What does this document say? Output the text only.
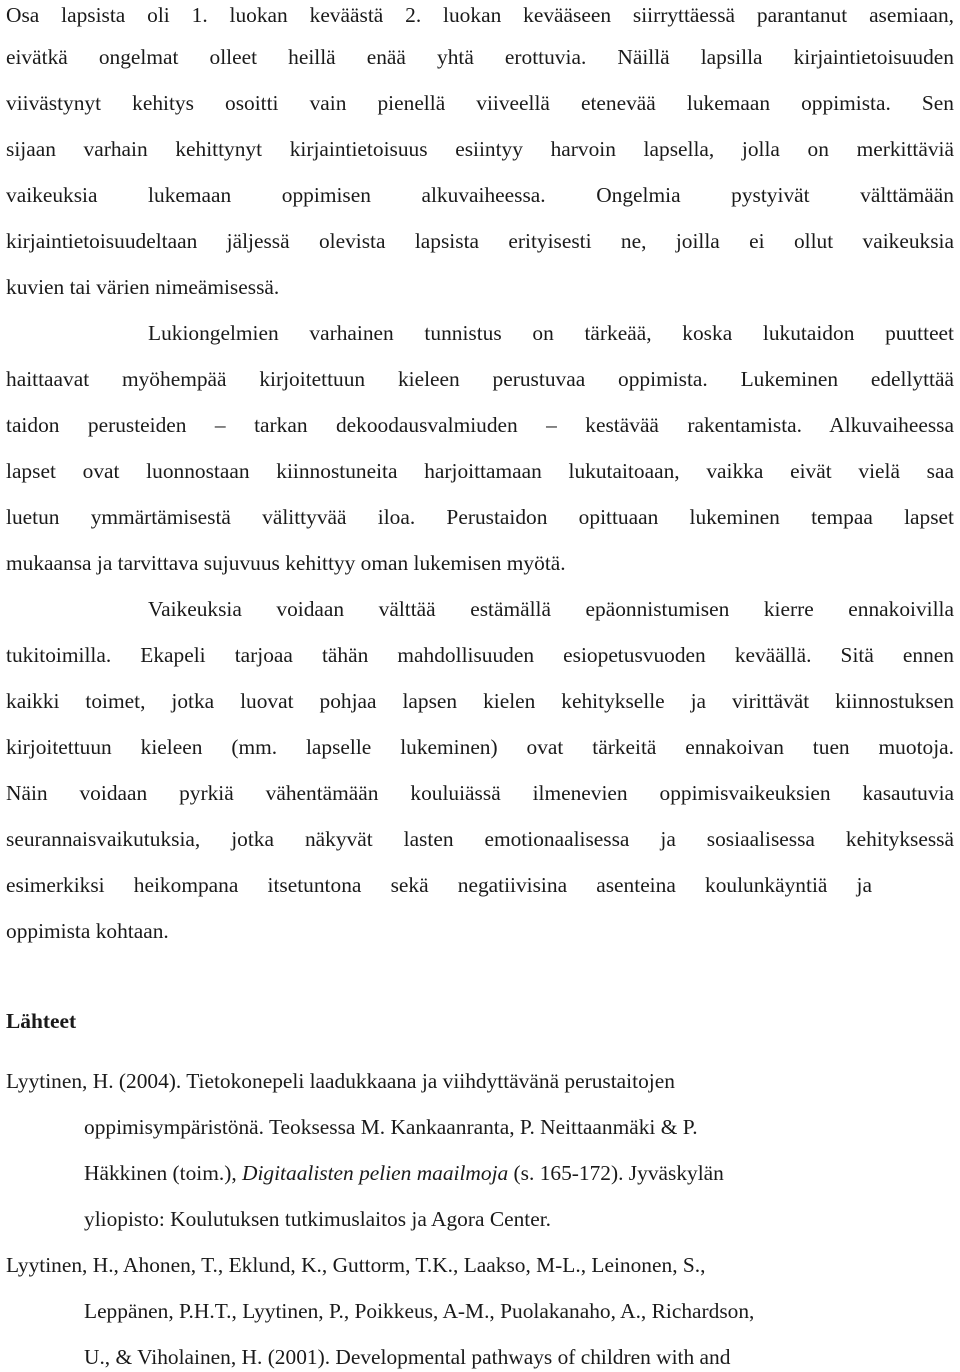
Osa lapsista oli 1. luokan keväästä 2. luokan kevääseen siirryttäessä parantanut asemiaan,
eivätkä ongelmat olleet heillä enää yhtä erottuvia. Näillä lapsilla kirjaintietoisuuden
viivästynyt kehitys osoitti vain pienellä viiveellä etenevää lukemaan oppimista. Sen
sijaan varhain kehittynyt kirjaintietoisuus esiintyy harvoin lapsella, jolla on merkittäviä
vaikeuksia lukemaan oppimisen alkuvaiheessa. Ongelmia pystyivät välttämään
kirjaintietoisuudeltaan jäljessä olevista lapsista erityisesti ne, joilla ei ollut vaikeuksia
kuvien tai värien nimeämisessä.
Lukiongelmien varhainen tunnistus on tärkeää, koska lukutaidon puutteet
haittaavat myöhempää kirjoitettuun kieleen perustuvaa oppimista. Lukeminen edellyttää
taidon perusteiden – tarkan dekoodausvalmiuden – kestävää rakentamista. Alkuvaiheessa
lapset ovat luonnostaan kiinnostuneita harjoittamaan lukutaitoaan, vaikka eivät vielä saa
luetun ymmärtämisestä välittyvää iloa. Perustaidon opittuaan lukeminen tempaa lapset
mukaansa ja tarvittava sujuvuus kehittyy oman lukemisen myötä.
Vaikeuksia voidaan välttää estämällä epäonnistumisen kierre ennakoivilla
tukitoimilla. Ekapeli tarjoaa tähän mahdollisuuden esiopetusvuoden keväällä. Sitä ennen
kaikki toimet, jotka luovat pohjaa lapsen kielen kehitykselle ja virittävät kiinnostuksen
kirjoitettuun kieleen (mm. lapselle lukeminen) ovat tärkeitä ennakoivan tuen muotoja.
Näin voidaan pyrkiä vähentämään kouluiässä ilmenevien oppimisvaikeuksien kasautuvia
seurannaisvaikutuksia, jotka näkyvät lasten emotionaalisessa ja sosiaalisessa kehityksessä
esimerkiksi heikompana itsetuntona sekä negatiivisina asenteina koulunkäyntiä ja
oppimista kohtaan.
Lähteet
Lyytinen, H. (2004). Tietokonepeli laadukkaana ja viihdyttävänä perustaitojen
oppimisympäristönä. Teoksessa M. Kankaanranta, P. Neittaanmäki & P.
Häkkinen (toim.), Digitaalisten pelien maailmoja (s. 165-172). Jyväskylän
yliopisto: Koulutuksen tutkimuslaitos ja Agora Center.
Lyytinen, H., Ahonen, T., Eklund, K., Guttorm, T.K., Laakso, M-L., Leinonen, S.,
Leppänen, P.H.T., Lyytinen, P., Poikkeus, A-M., Puolakanaho, A., Richardson,
U., & Viholainen, H. (2001). Developmental pathways of children with and
